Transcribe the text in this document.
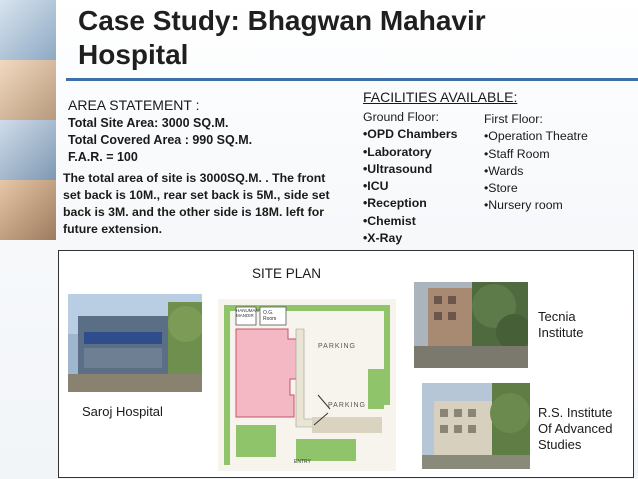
Case Study: Bhagwan Mahavir
Hospital
AREA STATEMENT :
Total Site Area: 3000 SQ.M.
Total Covered Area : 990 SQ.M.
F.A.R. = 100
The total area of site is 3000SQ.M. . The front set back is 10M., rear set back is 5M., side set back is 3M. and the other side is 18M. left for future extension.
FACILITIES AVAILABLE:
Ground Floor:
•OPD Chambers
•Laboratory
•Ultrasound
•ICU
•Reception
•Chemist
•X-Ray
First Floor:
•Operation Theatre
•Staff Room
•Wards
•Store
•Nursery room
SITE PLAN
Saroj Hospital
HANUMAN MANDIR	O.G. Room
PARKING
PARKING
ENTRY
Tecnia
Institute
R.S. Institute
Of Advanced
Studies
